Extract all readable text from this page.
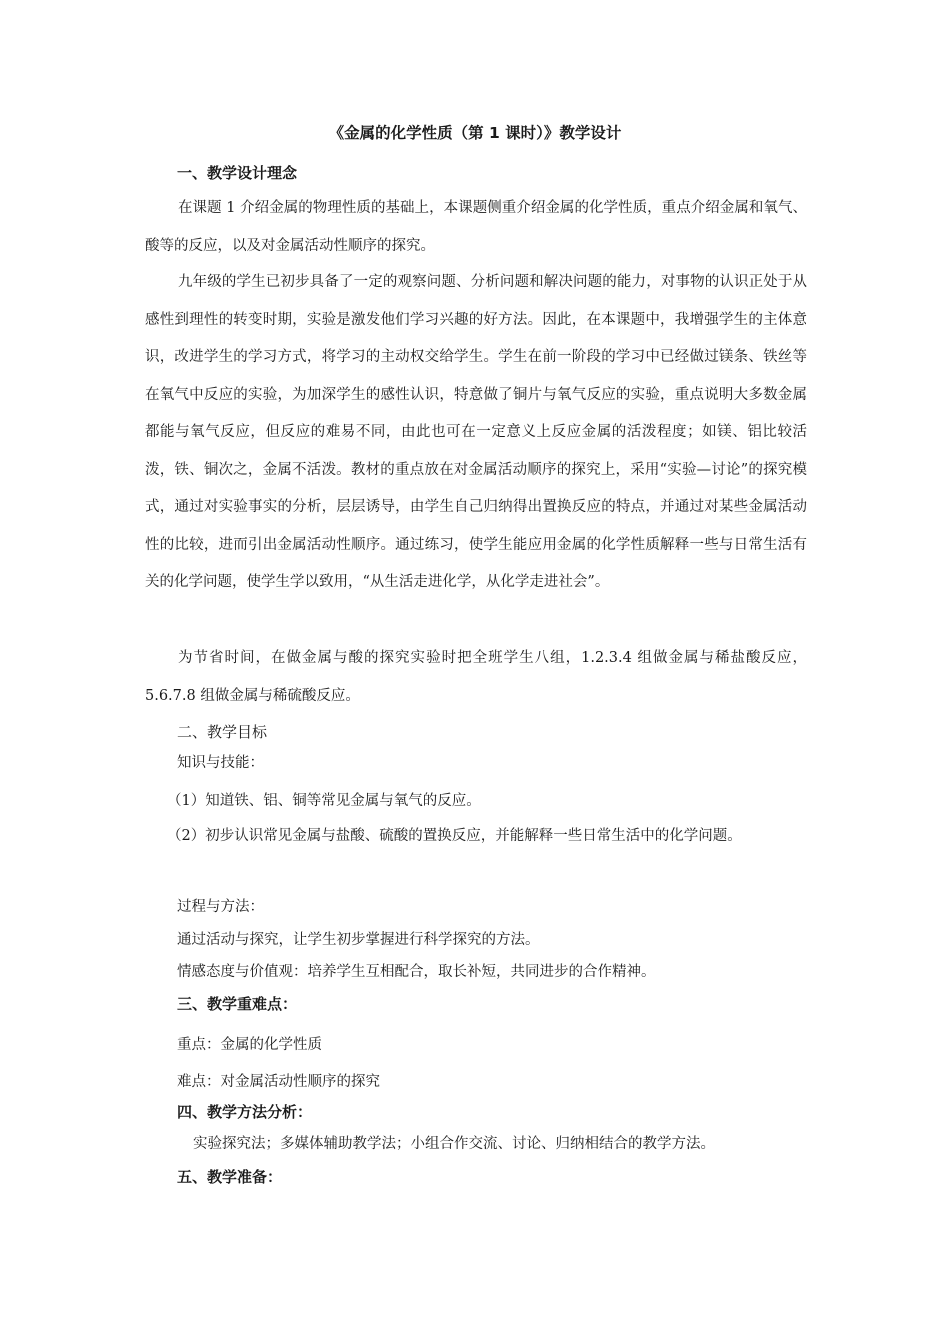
《金属的化学性质（第 1 课时）》教学设计
一、教学设计理念

在课题 1 介绍金属的物理性质的基础上，本课题侧重介绍金属的化学性质，重点介绍金属和氧气、酸等的反应，以及对金属活动性顺序的探究。

九年级的学生已初步具备了一定的观察问题、分析问题和解决问题的能力，对事物的认识正处于从感性到理性的转变时期，实验是激发他们学习兴趣的好方法。因此，在本课题中，我增强学生的主体意识，改进学生的学习方式，将学习的主动权交给学生。学生在前一阶段的学习中已经做过镁条、铁丝等在氧气中反应的实验，为加深学生的感性认识，特意做了铜片与氧气反应的实验，重点说明大多数金属都能与氧气反应，但反应的难易不同，由此也可在一定意义上反应金属的活泼程度；如镁、铝比较活泼，铁、铜次之，金属不活泼。教材的重点放在对金属活动顺序的探究上，采用“实验—讨论”的探究模式，通过对实验事实的分析，层层诱导，由学生自己归纳得出置换反应的特点，并通过对某些金属活动性的比较，进而引出金属活动性顺序。通过练习，使学生能应用金属的化学性质解释一些与日常生活有关的化学问题，使学生学以致用，“从生活走进化学，从化学走进社会”。

为节省时间，在做金属与酸的探究实验时把全班学生八组，1.2.3.4 组做金属与稀盐酸反应，5.6.7.8 组做金属与稀硫酸反应。

二、教学目标
知识与技能：
（1）知道铁、铝、铜等常见金属与氧气的反应。

（2）初步认识常见金属与盐酸、硫酸的置换反应，并能解释一些日常生活中的化学问题。

过程与方法：
通过活动与探究，让学生初步掌握进行科学探究的方法。
情感态度与价值观：培养学生互相配合，取长补短，共同进步的合作精神。
三、教学重难点：
重点：金属的化学性质
难点：对金属活动性顺序的探究
四、教学方法分析：
实验探究法；多媒体辅助教学法；小组合作交流、讨论、归纳相结合的教学方法。
五、教学准备：
